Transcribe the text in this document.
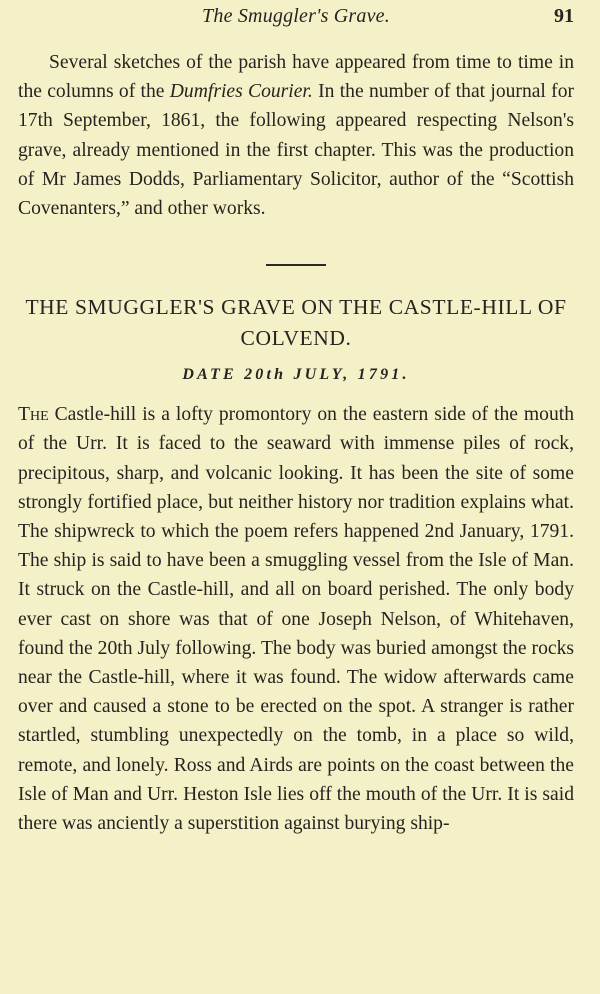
The Smuggler's Grave.	91

Several sketches of the parish have appeared from time to time in the columns of the Dumfries Courier. In the number of that journal for 17th September, 1861, the following appeared respecting Nelson's grave, already mentioned in the first chapter. This was the production of Mr James Dodds, Parliamentary Solicitor, author of the “Scottish Covenanters,” and other works.

THE SMUGGLER'S GRAVE ON THE CASTLE-HILL OF COLVEND.
DATE 20th JULY, 1791.

The Castle-hill is a lofty promontory on the eastern side of the mouth of the Urr. It is faced to the seaward with immense piles of rock, precipitous, sharp, and volcanic looking. It has been the site of some strongly fortified place, but neither history nor tradition explains what. The shipwreck to which the poem refers happened 2nd January, 1791. The ship is said to have been a smuggling vessel from the Isle of Man. It struck on the Castle-hill, and all on board perished. The only body ever cast on shore was that of one Joseph Nelson, of Whitehaven, found the 20th July following. The body was buried amongst the rocks near the Castle-hill, where it was found. The widow afterwards came over and caused a stone to be erected on the spot. A stranger is rather startled, stumbling unexpectedly on the tomb, in a place so wild, remote, and lonely. Ross and Airds are points on the coast between the Isle of Man and Urr. Heston Isle lies off the mouth of the Urr. It is said there was anciently a superstition against burying ship-
